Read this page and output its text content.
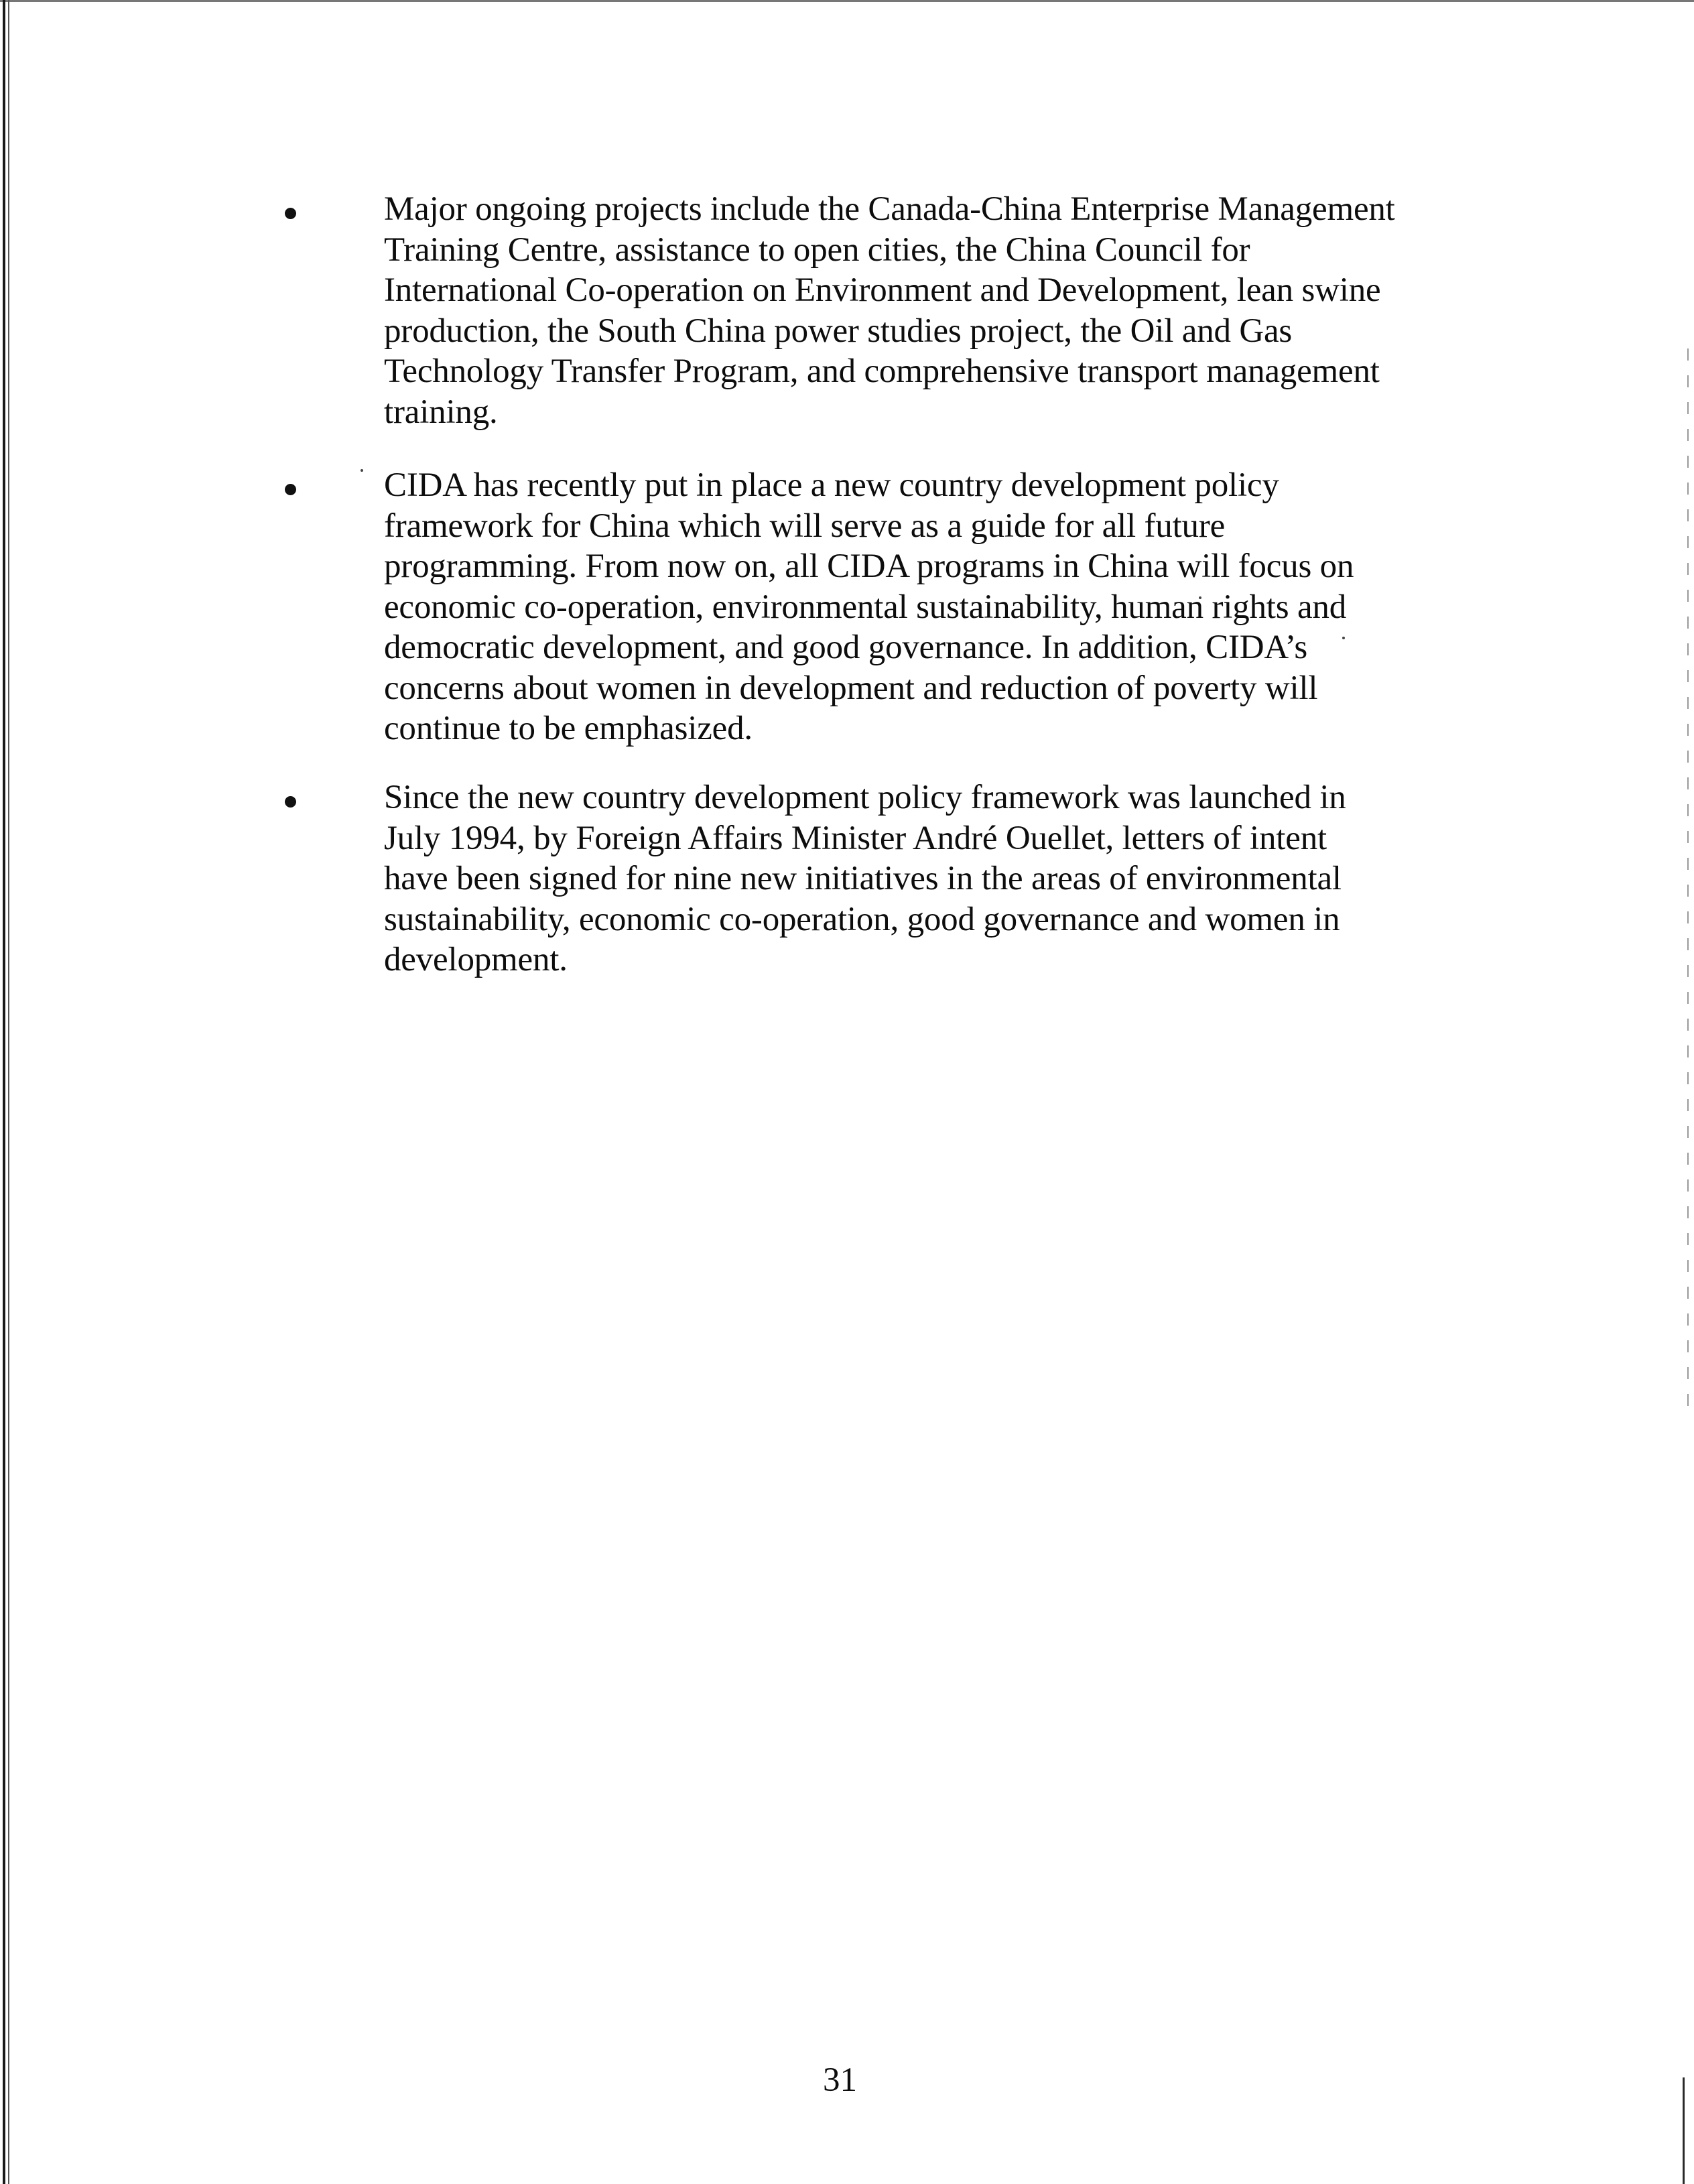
Major ongoing projects include the Canada-China Enterprise Management Training Centre, assistance to open cities, the China Council for International Co-operation on Environment and Development, lean swine production, the South China power studies project, the Oil and Gas Technology Transfer Program, and comprehensive transport management training.

CIDA has recently put in place a new country development policy framework for China which will serve as a guide for all future programming. From now on, all CIDA programs in China will focus on economic co-operation, environmental sustainability, human rights and democratic development, and good governance. In addition, CIDA’s concerns about women in development and reduction of poverty will continue to be emphasized.

Since the new country development policy framework was launched in July 1994, by Foreign Affairs Minister André Ouellet, letters of intent have been signed for nine new initiatives in the areas of environmental sustainability, economic co-operation, good governance and women in development.

31
